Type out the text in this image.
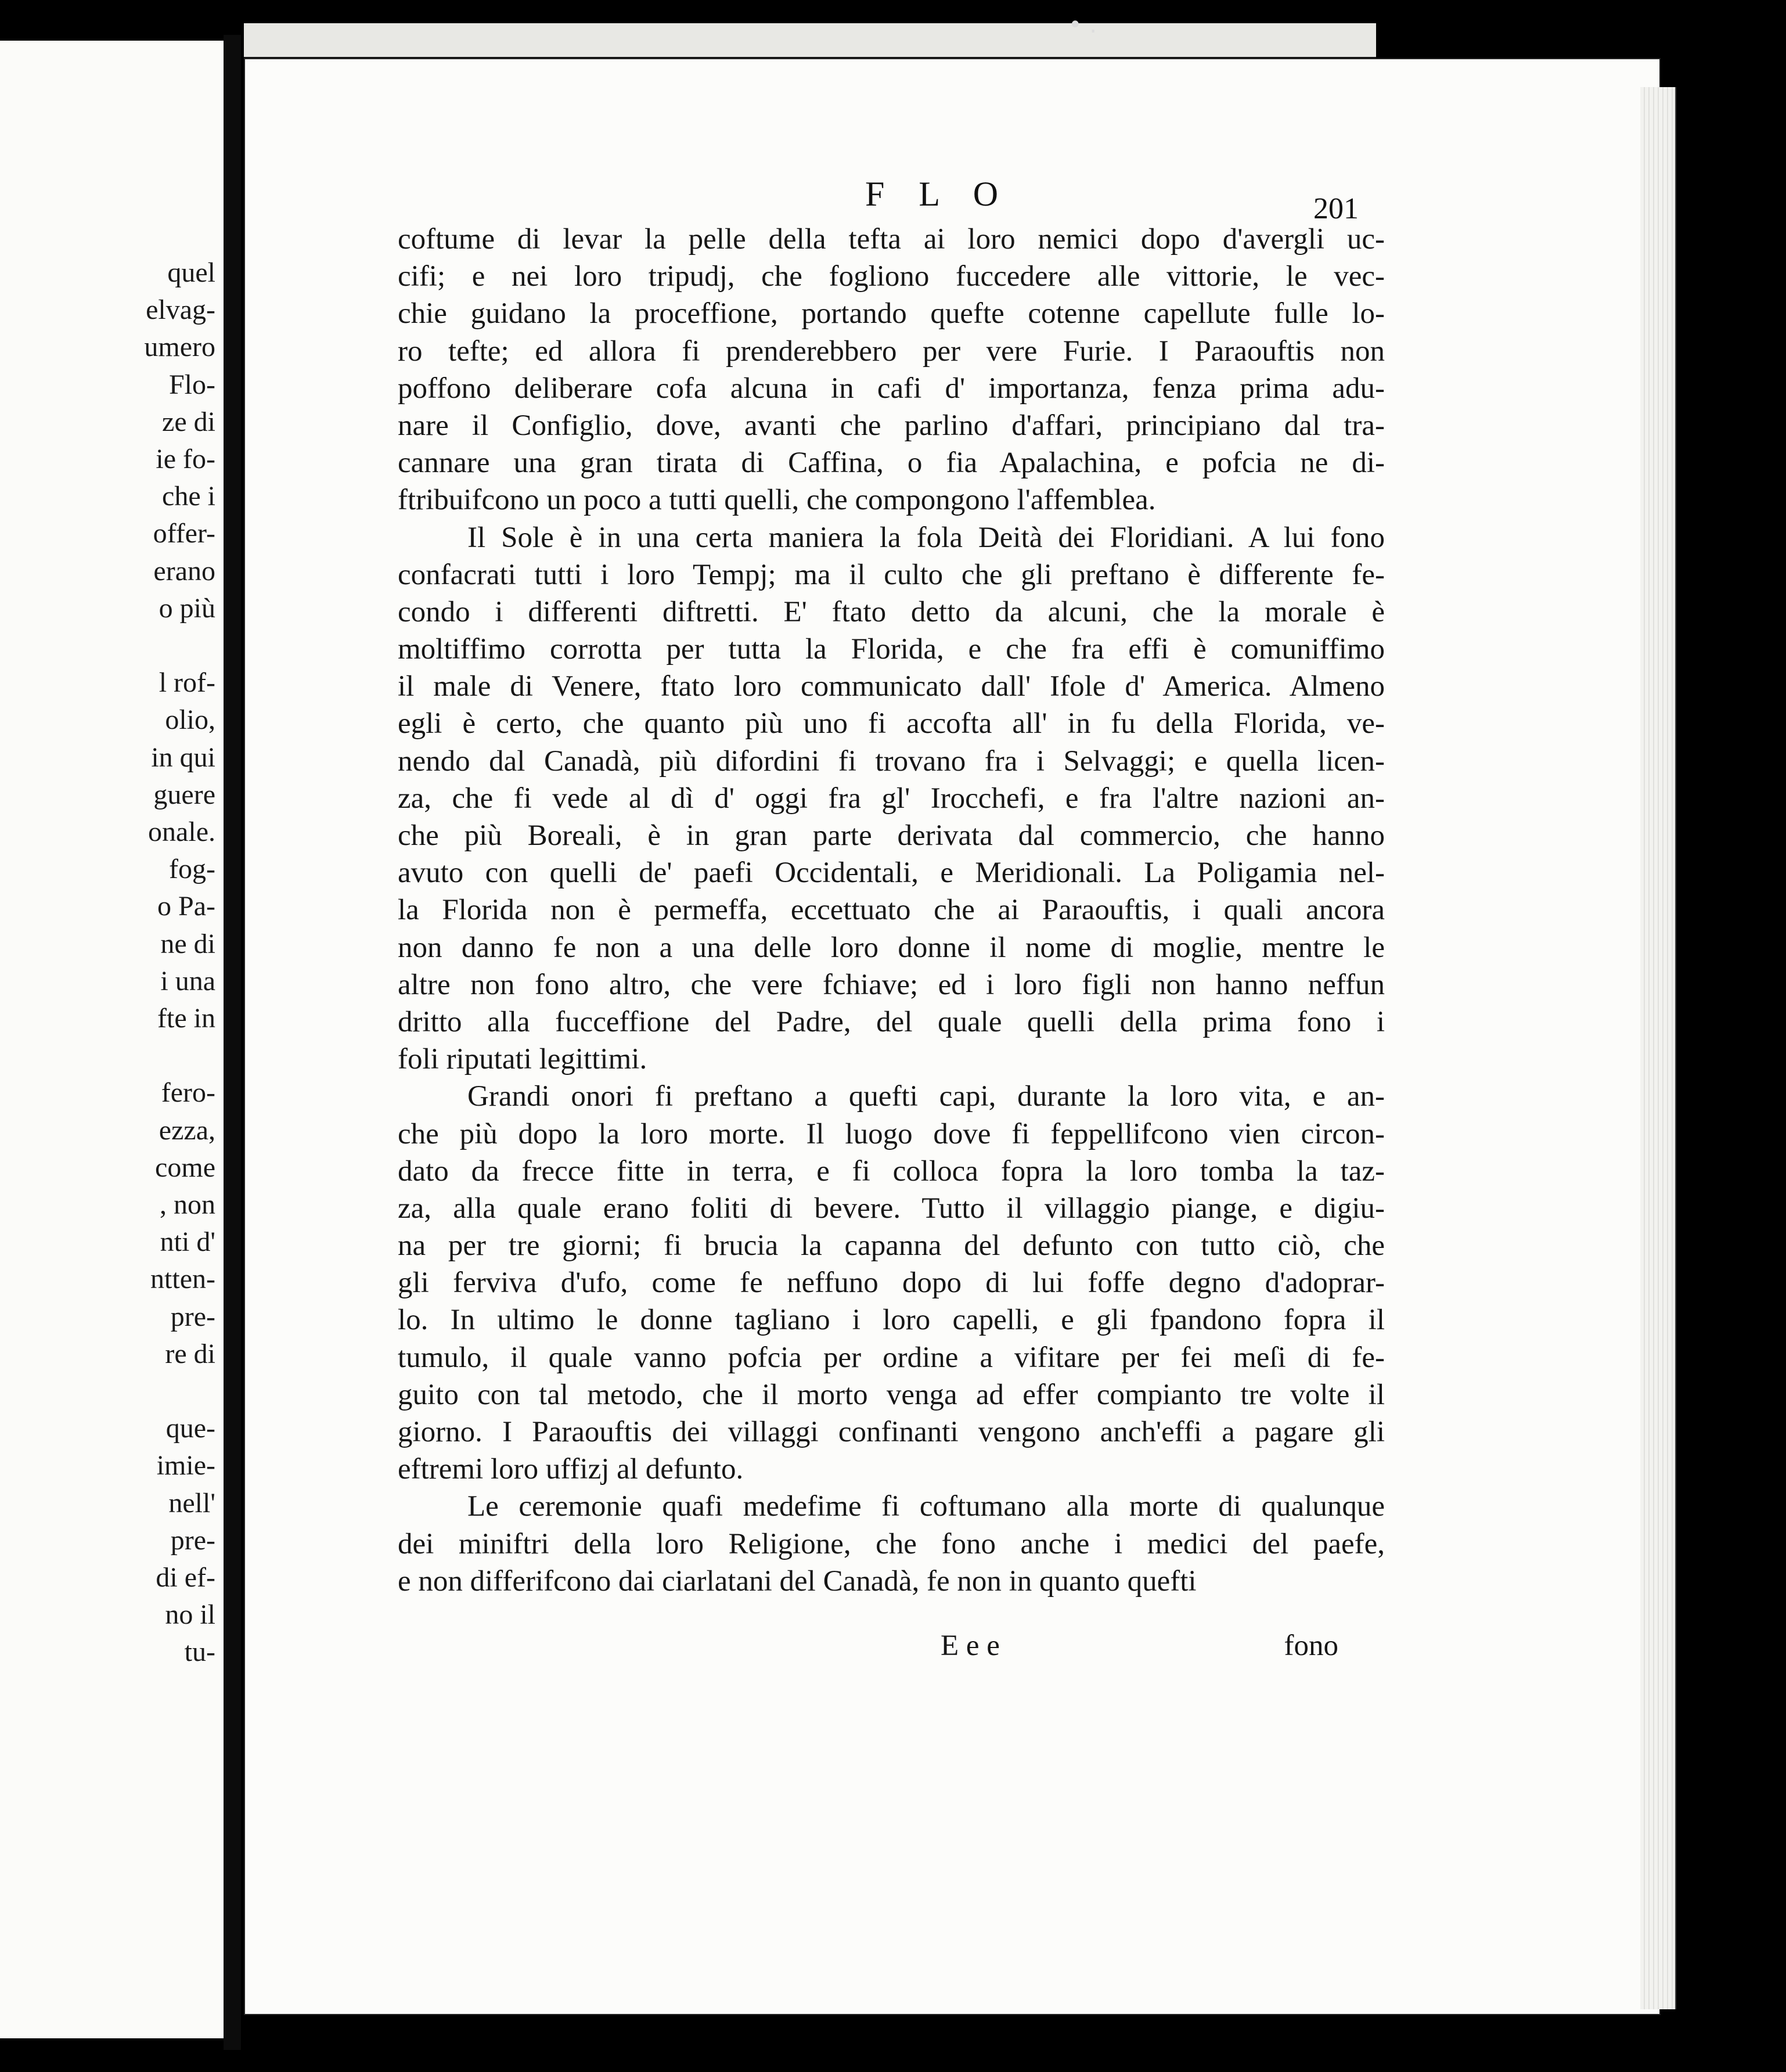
• .
quel
elvag-
umero
Flo-
ze di
ie fo-
che i
offer-
erano
o più
l rof-
olio,
in qui
guere
onale.
fog-
o Pa-
ne di
i una
fte in
fero-
ezza,
come
, non
nti d'
ntten-
pre-
re di
que-
imie-
nell'
pre-
di ef-
no il
tu-
F L O	201
coftume di levar la pelle della tefta ai loro nemici dopo d'avergli uc-
cifi; e nei loro tripudj, che fogliono fuccedere alle vittorie, le vec-
chie guidano la proceffione, portando quefte cotenne capellute fulle lo-
ro tefte; ed allora fi prenderebbero per vere Furie. I Paraouftis non
poffono deliberare cofa alcuna in cafi d' importanza, fenza prima adu-
nare il Configlio, dove, avanti che parlino d'affari, principiano dal tra-
cannare una gran tirata di Caffina, o fia Apalachina, e pofcia ne di-
ftribuifcono un poco a tutti quelli, che compongono l'affemblea.
Il Sole è in una certa maniera la fola Deità dei Floridiani. A lui fono
confacrati tutti i loro Tempj; ma il culto che gli preftano è differente fe-
condo i differenti diftretti. E' ftato detto da alcuni, che la morale è
moltiffimo corrotta per tutta la Florida, e che fra effi è comuniffimo
il male di Venere, ftato loro communicato dall' Ifole d' America. Almeno
egli è certo, che quanto più uno fi accofta all' in fu della Florida, ve-
nendo dal Canadà, più difordini fi trovano fra i Selvaggi; e quella licen-
za, che fi vede al dì d' oggi fra gl' Irocchefi, e fra l'altre nazioni an-
che più Boreali, è in gran parte derivata dal commercio, che hanno
avuto con quelli de' paefi Occidentali, e Meridionali. La Poligamia nel-
la Florida non è permeffa, eccettuato che ai Paraouftis, i quali ancora
non danno fe non a una delle loro donne il nome di moglie, mentre le
altre non fono altro, che vere fchiave; ed i loro figli non hanno neffun
dritto alla fucceffione del Padre, del quale quelli della prima fono i
foli riputati legittimi.
Grandi onori fi preftano a quefti capi, durante la loro vita, e an-
che più dopo la loro morte. Il luogo dove fi feppellifcono vien circon-
dato da frecce fitte in terra, e fi colloca fopra la loro tomba la taz-
za, alla quale erano foliti di bevere. Tutto il villaggio piange, e digiu-
na per tre giorni; fi brucia la capanna del defunto con tutto ciò, che
gli ferviva d'ufo, come fe neffuno dopo di lui foffe degno d'adoprar-
lo. In ultimo le donne tagliano i loro capelli, e gli fpandono fopra il
tumulo, il quale vanno pofcia per ordine a vifitare per fei meſi di fe-
guito con tal metodo, che il morto venga ad effer compianto tre volte il
giorno. I Paraouftis dei villaggi confinanti vengono anch'effi a pagare gli
eftremi loro uffizj al defunto.
Le ceremonie quafi medefime fi coftumano alla morte di qualunque
dei miniftri della loro Religione, che fono anche i medici del paefe,
e non differifcono dai ciarlatani del Canadà, fe non in quanto quefti
E e e	fono
